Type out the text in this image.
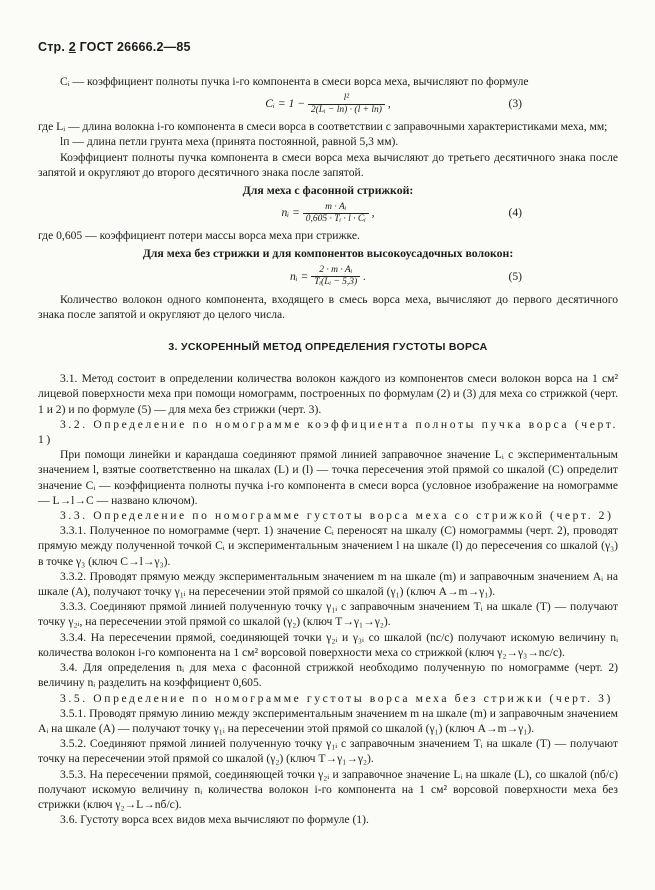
Стр. 2 ГОСТ 26666.2—85

Cᵢ — коэффициент полноты пучка i-го компонента в смеси ворса меха, вычисляют по формуле

Cᵢ = $1 - \frac{\text{l²}}{\text{2(Lᵢ − lп) · (l + lп)}}$ ,	(3)

где Lᵢ — длина волокна i-го компонента в смеси ворса в соответствии с заправочными характеристиками меха, мм;

lп — длина петли грунта меха (принята постоянной, равной 5,3 мм).

Коэффициент полноты пучка компонента в смеси ворса меха вычисляют до третьего десятичного знака после запятой и округляют до второго десятичного знака после запятой.

Для меха с фасонной стрижкой:
nᵢ = $\frac{\text{m · Aᵢ}}{\text{0,605 · Tᵢ · l · Cᵢ}}$ ,	(4)

где 0,605 — коэффициент потери массы ворса меха при стрижке.

Для меха без стрижки и для компонентов высокоусадочных волокон:
nᵢ = $\frac{\text{2 · m · Aᵢ}}{\text{Tᵢ(Lᵢ − 5,3)}}$ .	(5)

Количество волокон одного компонента, входящего в смесь ворса меха, вычисляют до первого десятичного знака после запятой и округляют до целого числа.

3. УСКОРЕННЫЙ МЕТОД ОПРЕДЕЛЕНИЯ ГУСТОТЫ ВОРСА

3.1. Метод состоит в определении количества волокон каждого из компонентов смеси волокон ворса на 1 см² лицевой поверхности меха при помощи номограмм, построенных по формулам (2) и (3) для меха со стрижкой (черт. 1 и 2) и по формуле (5) — для меха без стрижки (черт. 3).

3.2. Определение по номограмме коэффициента полноты пучка ворса (черт. 1)

При помощи линейки и карандаша соединяют прямой линией заправочное значение Lᵢ с экспериментальным значением l, взятые соответственно на шкалах (L) и (l) — точка пересечения этой прямой со шкалой (C) определит значение Cᵢ — коэффициента полноты пучка i-го компонента в смеси ворса (условное изображение на номограмме — L→l→C — названо ключом).

3.3. Определение по номограмме густоты ворса меха со стрижкой (черт. 2)

3.3.1. Полученное по номограмме (черт. 1) значение Cᵢ переносят на шкалу (C) номограммы (черт. 2), проводят прямую между полученной точкой Cᵢ и экспериментальным значением l на шкале (l) до пересечения со шкалой (γ₃) в точке γ₃ (ключ C→l→γ₃).

3.3.2. Проводят прямую между экспериментальным значением m на шкале (m) и заправочным значением Aᵢ на шкале (A), получают точку γ₁ᵢ на пересечении этой прямой со шкалой (γ₁) (ключ A→m→γ₁).

3.3.3. Соединяют прямой линией полученную точку γ₁ᵢ с заправочным значением Tᵢ на шкале (T) — получают точку γ₂ᵢ, на пересечении этой прямой со шкалой (γ₂) (ключ T→γ₁→γ₂).

3.3.4. На пересечении прямой, соединяющей точки γ₂ᵢ и γ₃ᵢ со шкалой (nс/с) получают искомую величину nᵢ количества волокон i-го компонента на 1 см² ворсовой поверхности меха со стрижкой (ключ γ₂→γ₃→nс/с).

3.4. Для определения nᵢ для меха с фасонной стрижкой необходимо полученную по номограмме (черт. 2) величину nᵢ разделить на коэффициент 0,605.

3.5. Определение по номограмме густоты ворса меха без стрижки (черт. 3)

3.5.1. Проводят прямую линию между экспериментальным значением m на шкале (m) и заправочным значением Aᵢ на шкале (A) — получают точку γ₁ᵢ на пересечении этой прямой со шкалой (γ₁) (ключ A→m→γ₁).

3.5.2. Соединяют прямой линией полученную точку γ₁ᵢ с заправочным значением Tᵢ на шкале (T) — получают точку на пересечении этой прямой со шкалой (γ₂) (ключ T→γ₁→γ₂).

3.5.3. На пересечении прямой, соединяющей точки γ₂ᵢ и заправочное значение Lᵢ на шкале (L), со шкалой (nб/с) получают искомую величину nᵢ количества волокон i-го компонента на 1 см² ворсовой поверхности меха без стрижки (ключ γ₂→L→nб/с).

3.6. Густоту ворса всех видов меха вычисляют по формуле (1).
